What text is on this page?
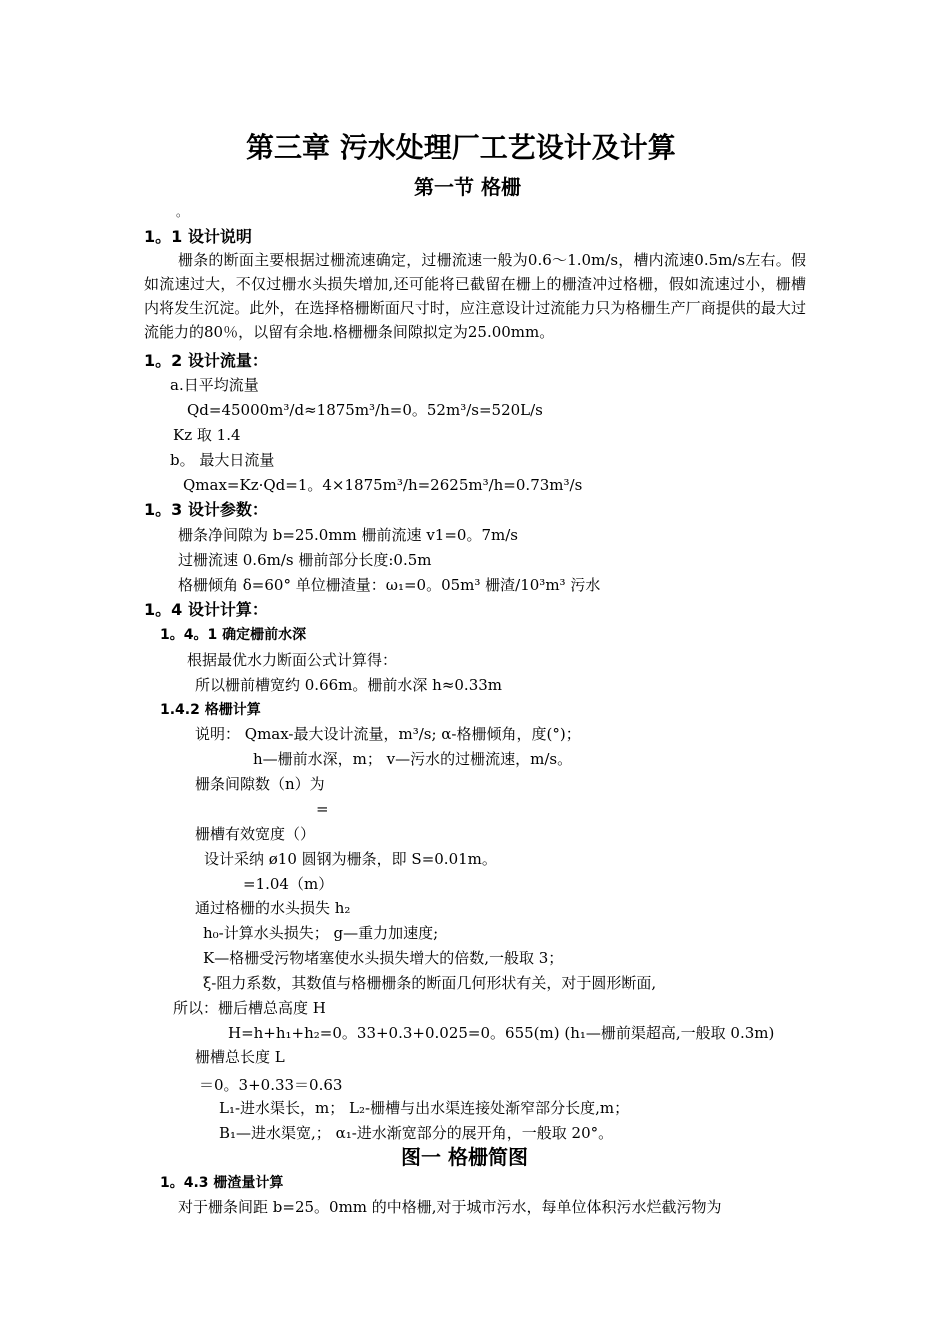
第三章 污水处理厂工艺设计及计算
第一节 格栅
。
1。1 设计说明
栅条的断面主要根据过栅流速确定，过栅流速一般为0.6～1.0m/s，槽内流速0.5m/s左右。假如流速过大，不仅过栅水头损失增加,还可能将已截留在栅上的栅渣冲过格栅，假如流速过小，栅槽内将发生沉淀。此外，在选择格栅断面尺寸时，应注意设计过流能力只为格栅生产厂商提供的最大过流能力的80％，以留有余地.格栅栅条间隙拟定为25.00mm。
1。2 设计流量：
a.日平均流量
Qd=45000m³/d≈1875m³/h=0。52m³/s=520L/s
Kz 取 1.4
b。 最大日流量
Qmax=Kz·Qd=1。4×1875m³/h=2625m³/h=0.73m³/s
1。3 设计参数：
栅条净间隙为 b=25.0mm 栅前流速 v1=0。7m/s
过栅流速 0.6m/s 栅前部分长度:0.5m
格栅倾角 δ=60° 单位栅渣量：ω₁=0。05m³ 栅渣/10³m³ 污水
1。4 设计计算：
1。4。1 确定栅前水深
根据最优水力断面公式计算得：
所以栅前槽宽约 0.66m。栅前水深 h≈0.33m
1.4.2 格栅计算
说明： Qmax-最大设计流量，m³/s; α-格栅倾角，度(°)；
h—栅前水深，m； v—污水的过栅流速，m/s。
栅条间隙数（n）为
=
栅槽有效宽度（）
设计采纳 ø10 圆钢为栅条，即 S=0.01m。
=1.04（m）
通过格栅的水头损失 h₂
h₀-计算水头损失； g—重力加速度;
K—格栅受污物堵塞使水头损失增大的倍数,一般取 3；
ξ-阻力系数，其数值与格栅栅条的断面几何形状有关，对于圆形断面,
所以：栅后槽总高度 H
H=h+h₁+h₂=0。33+0.3+0.025=0。655(m) (h₁—栅前渠超高,一般取 0.3m)
栅槽总长度 L
＝0。3+0.33＝0.63
L₁-进水渠长，m； L₂-栅槽与出水渠连接处渐窄部分长度,m；
B₁—进水渠宽,； α₁-进水渐宽部分的展开角，一般取 20°。
图一 格栅简图
1。4.3 栅渣量计算
对于栅条间距 b=25。0mm 的中格栅,对于城市污水，每单位体积污水烂截污物为
